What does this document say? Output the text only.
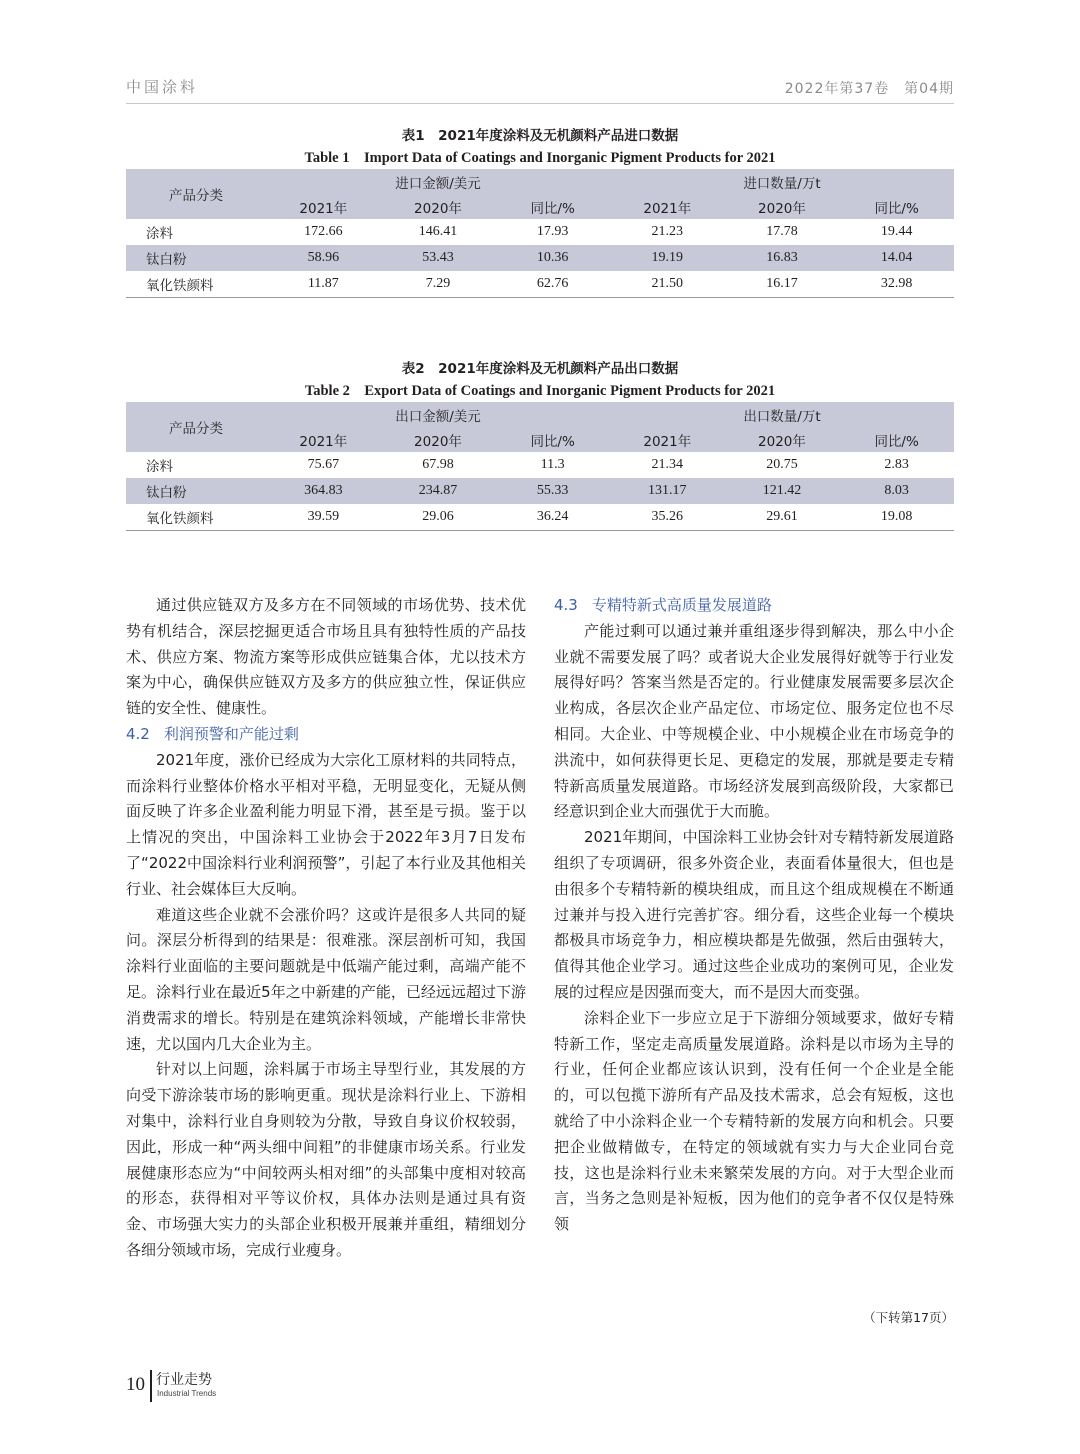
中国涂料	2022年第37卷　第04期
表1　2021年度涂料及无机颜料产品进口数据
Table 1　Import Data of Coatings and Inorganic Pigment Products for 2021
产品分类	进口金额/美元			进口数量/万t		
	2021年	2020年	同比/%	2021年	2020年	同比/%
涂料	172.66	146.41	17.93	21.23	17.78	19.44
钛白粉	58.96	53.43	10.36	19.19	16.83	14.04
氧化铁颜料	11.87	7.29	62.76	21.50	16.17	32.98
表2　2021年度涂料及无机颜料产品出口数据
Table 2　Export Data of Coatings and Inorganic Pigment Products for 2021
产品分类	出口金额/美元			出口数量/万t		
	2021年	2020年	同比/%	2021年	2020年	同比/%
涂料	75.67	67.98	11.3	21.34	20.75	2.83
钛白粉	364.83	234.87	55.33	131.17	121.42	8.03
氧化铁颜料	39.59	29.06	36.24	35.26	29.61	19.08

通过供应链双方及多方在不同领域的市场优势、技术优势有机结合，深层挖掘更适合市场且具有独特性质的产品技术、供应方案、物流方案等形成供应链集合体，尤以技术方案为中心，确保供应链双方及多方的供应独立性，保证供应链的安全性、健康性。

4.2 利润预警和产能过剩

2021年度，涨价已经成为大宗化工原材料的共同特点，而涂料行业整体价格水平相对平稳，无明显变化，无疑从侧面反映了许多企业盈利能力明显下滑，甚至是亏损。鉴于以上情况的突出，中国涂料工业协会于2022年3月7日发布了“2022中国涂料行业利润预警”，引起了本行业及其他相关行业、社会媒体巨大反响。

难道这些企业就不会涨价吗？这或许是很多人共同的疑问。深层分析得到的结果是：很难涨。深层剖析可知，我国涂料行业面临的主要问题就是中低端产能过剩，高端产能不足。涂料行业在最近5年之中新建的产能，已经远远超过下游消费需求的增长。特别是在建筑涂料领域，产能增长非常快速，尤以国内几大企业为主。

针对以上问题，涂料属于市场主导型行业，其发展的方向受下游涂装市场的影响更重。现状是涂料行业上、下游相对集中，涂料行业自身则较为分散，导致自身议价权较弱，因此，形成一种“两头细中间粗”的非健康市场关系。行业发展健康形态应为“中间较两头相对细”的头部集中度相对较高的形态，获得相对平等议价权，具体办法则是通过具有资金、市场强大实力的头部企业积极开展兼并重组，精细划分各细分领域市场，完成行业瘦身。

4.3 专精特新式高质量发展道路

产能过剩可以通过兼并重组逐步得到解决，那么中小企业就不需要发展了吗？或者说大企业发展得好就等于行业发展得好吗？答案当然是否定的。行业健康发展需要多层次企业构成，各层次企业产品定位、市场定位、服务定位也不尽相同。大企业、中等规模企业、中小规模企业在市场竞争的洪流中，如何获得更长足、更稳定的发展，那就是要走专精特新高质量发展道路。市场经济发展到高级阶段，大家都已经意识到企业大而强优于大而脆。

2021年期间，中国涂料工业协会针对专精特新发展道路组织了专项调研，很多外资企业，表面看体量很大，但也是由很多个专精特新的模块组成，而且这个组成规模在不断通过兼并与投入进行完善扩容。细分看，这些企业每一个模块都极具市场竞争力，相应模块都是先做强，然后由强转大，值得其他企业学习。通过这些企业成功的案例可见，企业发展的过程应是因强而变大，而不是因大而变强。

涂料企业下一步应立足于下游细分领域要求，做好专精特新工作，坚定走高质量发展道路。涂料是以市场为主导的行业，任何企业都应该认识到，没有任何一个企业是全能的，可以包揽下游所有产品及技术需求，总会有短板，这也就给了中小涂料企业一个专精特新的发展方向和机会。只要把企业做精做专，在特定的领域就有实力与大企业同台竞技，这也是涂料行业未来繁荣发展的方向。对于大型企业而言，当务之急则是补短板，因为他们的竞争者不仅仅是特殊领

（下转第17页）
10 行业走势
Industrial Trends
